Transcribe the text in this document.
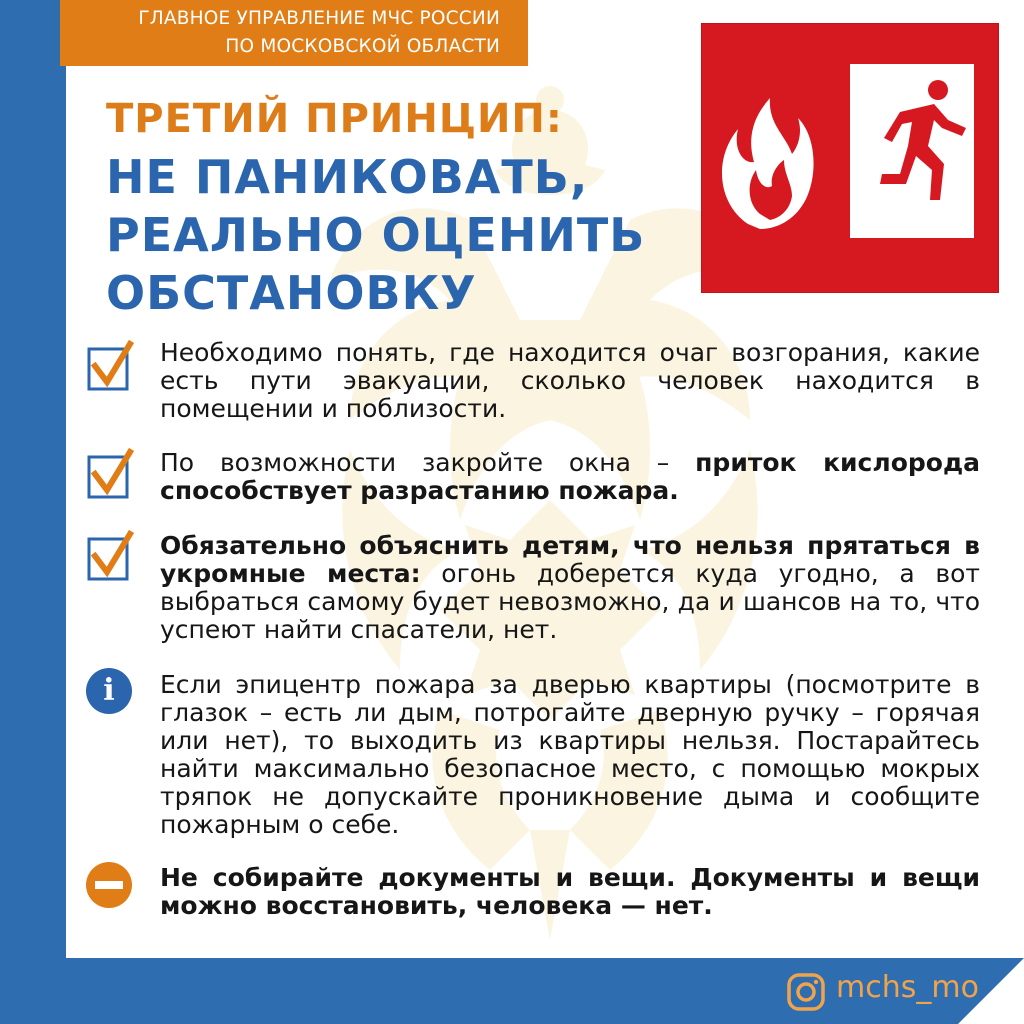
ГЛАВНОЕ УПРАВЛЕНИЕ МЧС РОССИИ
ПО МОСКОВСКОЙ ОБЛАСТИ
ТРЕТИЙ ПРИНЦИП:
НЕ ПАНИКОВАТЬ,
РЕАЛЬНО ОЦЕНИТЬ
ОБСТАНОВКУ
Необходимо понять, где находится очаг возгорания, какие есть пути эвакуации, сколько человек находится в помещении и поблизости.
По возможности закройте окна – приток кислорода способствует разрастанию пожара.
Обязательно объяснить детям, что нельзя прятаться в укромные места: огонь доберется куда угодно, а вот выбраться самому будет невозможно, да и шансов на то, что успеют найти спасатели, нет.
i	Если эпицентр пожара за дверью квартиры (посмотрите в глазок – есть ли дым, потрогайте дверную ручку – горячая или нет), то выходить из квартиры нельзя. Постарайтесь найти максимально безопасное место, с помощью мокрых тряпок не допускайте проникновение дыма и сообщите пожарным о себе.
Не собирайте документы и вещи. Документы и вещи можно восстановить, человека — нет.
mchs_mo
